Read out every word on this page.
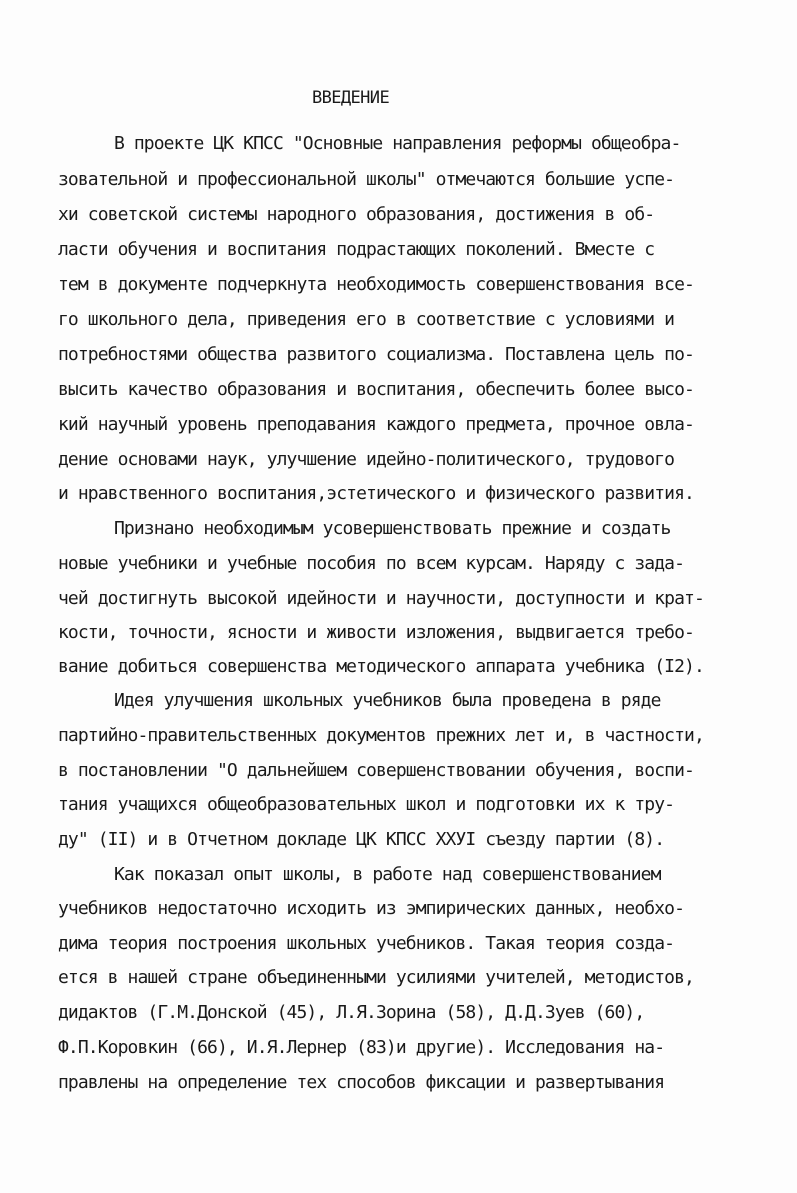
ВВЕДЕНИЕ
В проекте ЦК КПСС "Основные направления реформы общеобра-
зовательной и профессиональной школы" отмечаются большие успе-
хи советской системы народного образования, достижения в об-
ласти обучения и воспитания подрастающих поколений. Вместе с
тем в документе подчеркнута необходимость совершенствования все-
го школьного дела, приведения его в соответствие с условиями и
потребностями общества развитого социализма. Поставлена цель по-
высить качество образования и воспитания, обеспечить более высо-
кий научный уровень преподавания каждого предмета, прочное овла-
дение основами наук, улучшение идейно-политического, трудового
и нравственного воспитания,эстетического и физического развития.
Признано необходимым усовершенствовать прежние и создать
новые учебники и учебные пособия по всем курсам. Наряду с зада-
чей достигнуть высокой идейности и научности, доступности и крат-
кости, точности, ясности и живости изложения, выдвигается требо-
вание добиться совершенства методического аппарата учебника (I2).
Идея улучшения школьных учебников была проведена в ряде
партийно-правительственных документов прежних лет и, в частности,
в постановлении "О дальнейшем совершенствовании обучения, воспи-
тания учащихся общеобразовательных школ и подготовки их к тру-
ду" (II) и в Отчетном докладе ЦК КПСС ХХУI съезду партии (8).
Как показал опыт школы, в работе над совершенствованием
учебников недостаточно исходить из эмпирических данных, необхо-
дима теория построения школьных учебников. Такая теория созда-
ется в нашей стране объединенными усилиями учителей, методистов,
дидактов (Г.М.Донской (45), Л.Я.Зорина (58), Д.Д.Зуев (60),
Ф.П.Коровкин (66), И.Я.Лернер (83)и другие). Исследования на-
правлены на определение тех способов фиксации и развертывания
